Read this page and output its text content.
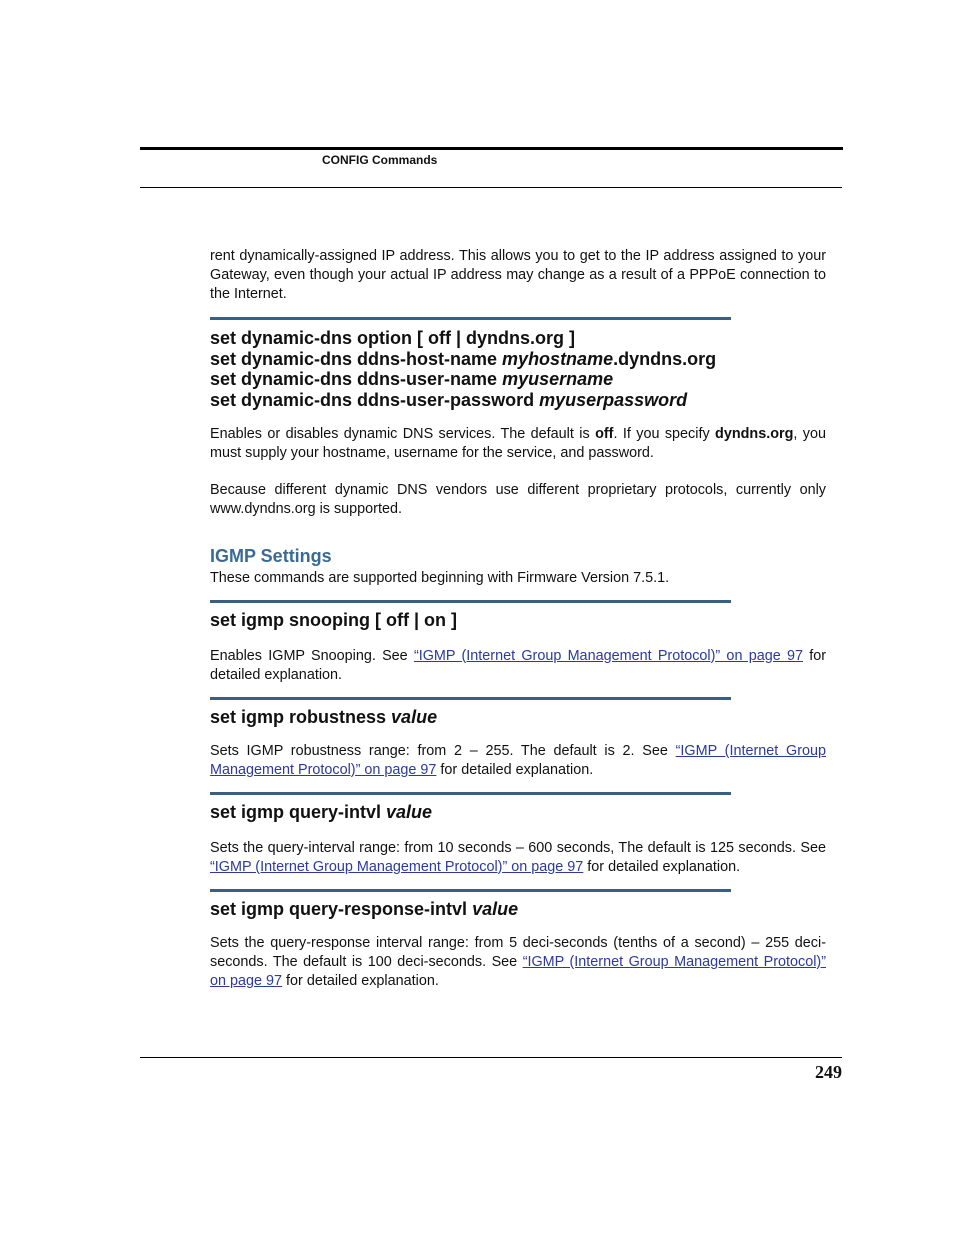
CONFIG Commands

rent dynamically-assigned IP address. This allows you to get to the IP address assigned to your Gateway, even though your actual IP address may change as a result of a PPPoE connection to the Internet.

set dynamic-dns option [ off | dyndns.org ]

set dynamic-dns ddns-host-name myhostname.dyndns.org

set dynamic-dns ddns-user-name myusername

set dynamic-dns ddns-user-password myuserpassword

Enables or disables dynamic DNS services. The default is off. If you specify dyndns.org, you must supply your hostname, username for the service, and password.

Because different dynamic DNS vendors use different proprietary protocols, currently only www.dyndns.org is supported.

IGMP Settings

These commands are supported beginning with Firmware Version 7.5.1.

set igmp snooping [ off | on ]

Enables IGMP Snooping. See “IGMP (Internet Group Management Protocol)” on page 97 for detailed explanation.

set igmp robustness value

Sets IGMP robustness range: from 2 – 255. The default is 2. See “IGMP (Internet Group Management Protocol)” on page 97 for detailed explanation.

set igmp query-intvl value

Sets the query-interval range: from 10 seconds – 600 seconds, The default is 125 seconds. See “IGMP (Internet Group Management Protocol)” on page 97 for detailed explanation.

set igmp query-response-intvl value

Sets the query-response interval range: from 5 deci-seconds (tenths of a second) – 255 deci-seconds. The default is 100 deci-seconds. See “IGMP (Internet Group Management Protocol)” on page 97 for detailed explanation.

249
